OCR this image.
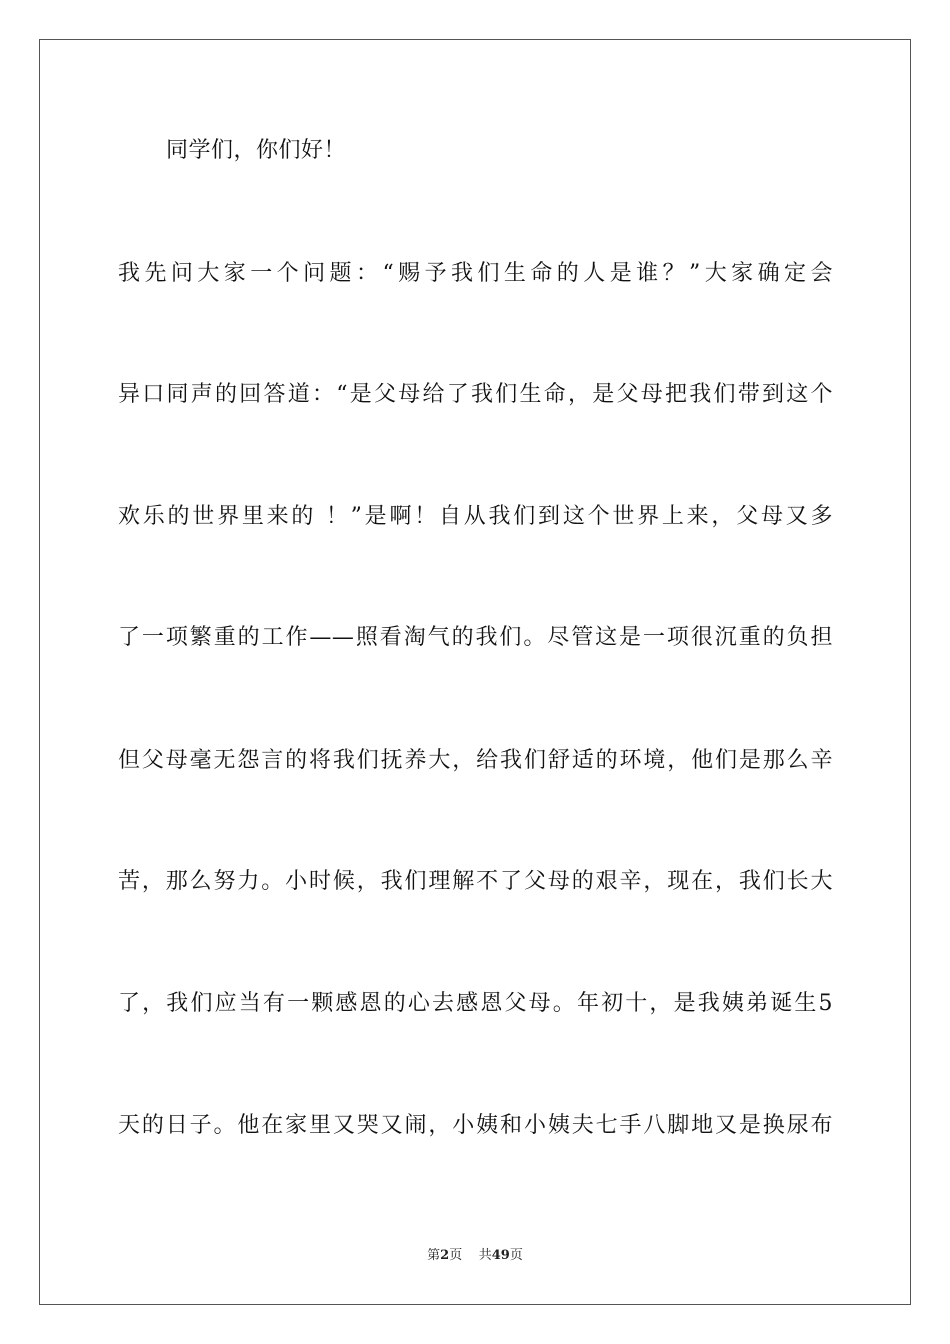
同学们，你们好！
我先问大家一个问题：“赐予我们生命的人是谁？”大家确定会
异口同声的回答道：“是父母给了我们生命，是父母把我们带到这个
欢乐的世界里来的 ！”是啊！自从我们到这个世界上来，父母又多
了一项繁重的工作——照看淘气的我们。尽管这是一项很沉重的负担
但父母毫无怨言的将我们抚养大，给我们舒适的环境，他们是那么辛
苦，那么努力。小时候，我们理解不了父母的艰辛，现在，我们长大
了，我们应当有一颗感恩的心去感恩父母。年初十，是我姨弟诞生5
天的日子。他在家里又哭又闹，小姨和小姨夫七手八脚地又是换尿布
第2页 共49页
